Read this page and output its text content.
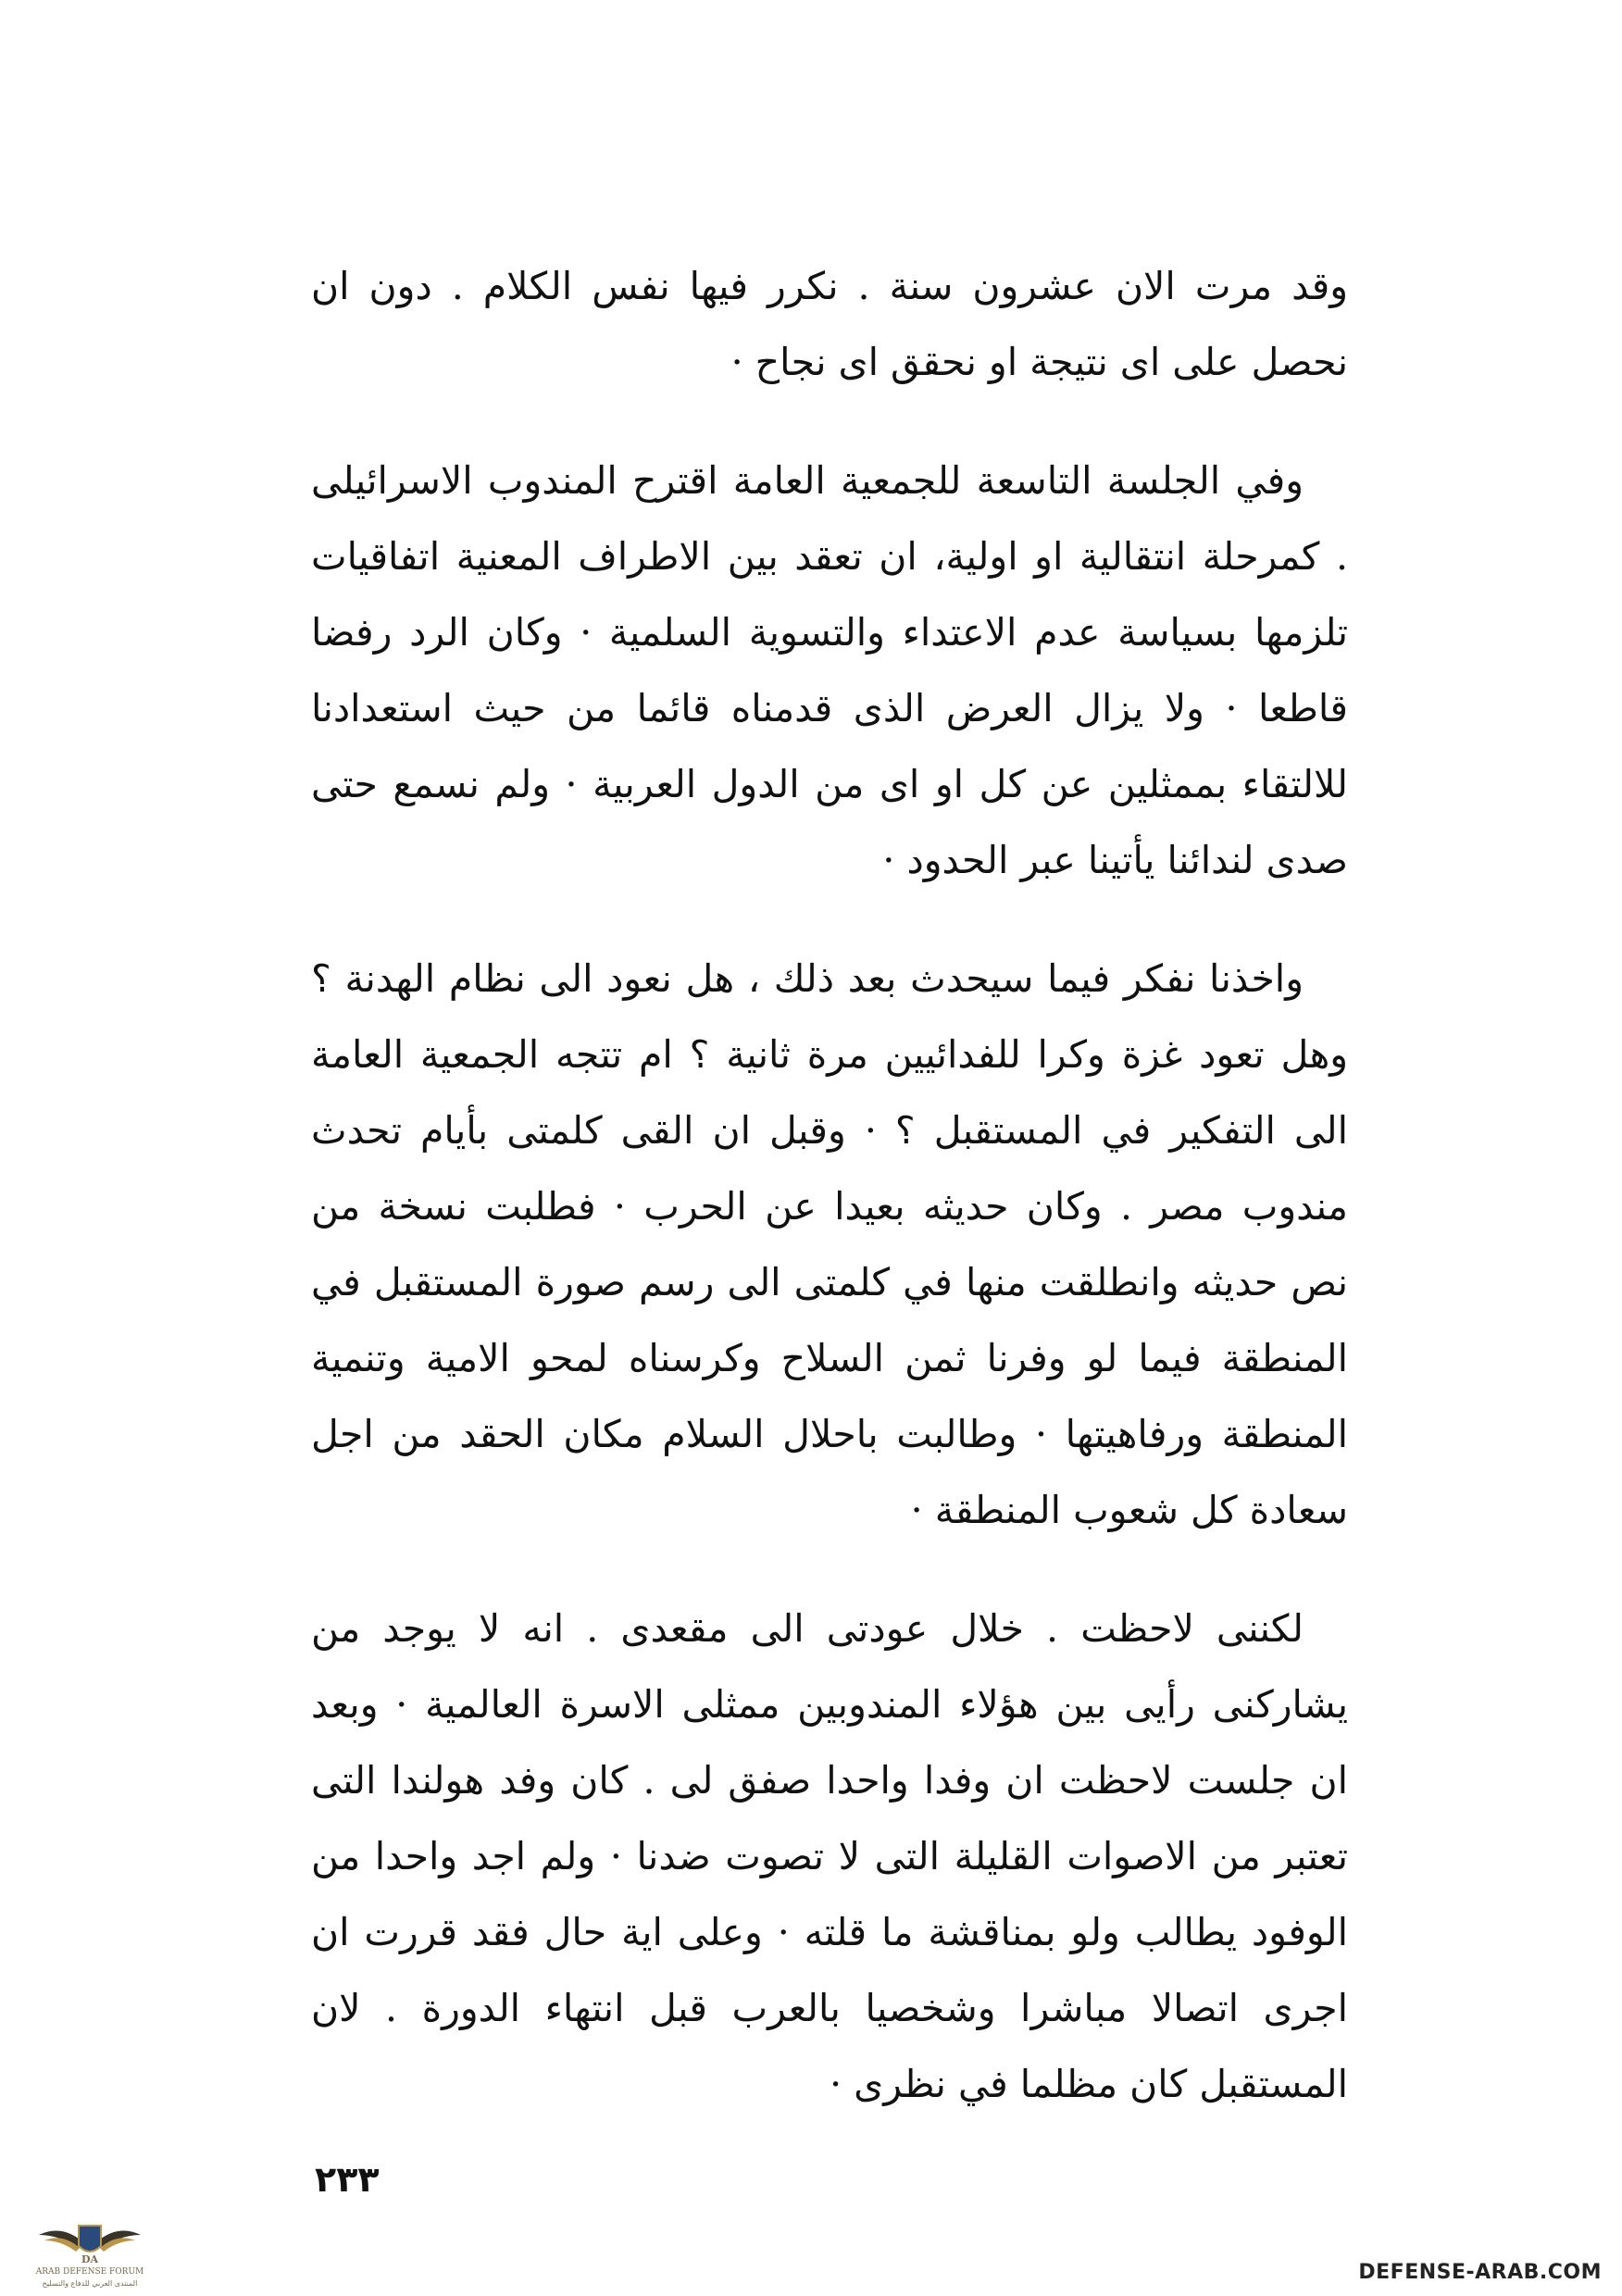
وقد مرت الان عشرون سنة . نكرر فيها نفس الكلام . دون ان نحصل على اى نتيجة او نحقق اى نجاح ·

وفي الجلسة التاسعة للجمعية العامة اقترح المندوب الاسرائيلى . كمرحلة انتقالية او اولية، ان تعقد بين الاطراف المعنية اتفاقيات تلزمها بسياسة عدم الاعتداء والتسوية السلمية · وكان الرد رفضا قاطعا · ولا يزال العرض الذى قدمناه قائما من حيث استعدادنا للالتقاء بممثلين عن كل او اى من الدول العربية · ولم نسمع حتى صدى لندائنا يأتينا عبر الحدود ·

واخذنا نفكر فيما سيحدث بعد ذلك ، هل نعود الى نظام الهدنة ؟ وهل تعود غزة وكرا للفدائيين مرة ثانية ؟ ام تتجه الجمعية العامة الى التفكير في المستقبل ؟ · وقبل ان القى كلمتى بأيام تحدث مندوب مصر . وكان حديثه بعيدا عن الحرب · فطلبت نسخة من نص حديثه وانطلقت منها في كلمتى الى رسم صورة المستقبل في المنطقة فيما لو وفرنا ثمن السلاح وكرسناه لمحو الامية وتنمية المنطقة ورفاهيتها · وطالبت باحلال السلام مكان الحقد من اجل سعادة كل شعوب المنطقة ·

لكننى لاحظت . خلال عودتى الى مقعدى . انه لا يوجد من يشاركنى رأيى بين هؤلاء المندوبين ممثلى الاسرة العالمية · وبعد ان جلست لاحظت ان وفدا واحدا صفق لى . كان وفد هولندا التى تعتبر من الاصوات القليلة التى لا تصوت ضدنا · ولم اجد واحدا من الوفود يطالب ولو بمناقشة ما قلته · وعلى اية حال فقد قررت ان اجرى اتصالا مباشرا وشخصيا بالعرب قبل انتهاء الدورة . لان المستقبل كان مظلما في نظرى ·

٢٣٣
DA
ARAB DEFENSE FORUM
المنتدى العربي للدفاع والتسليح	DEFENSE-ARAB.COM
